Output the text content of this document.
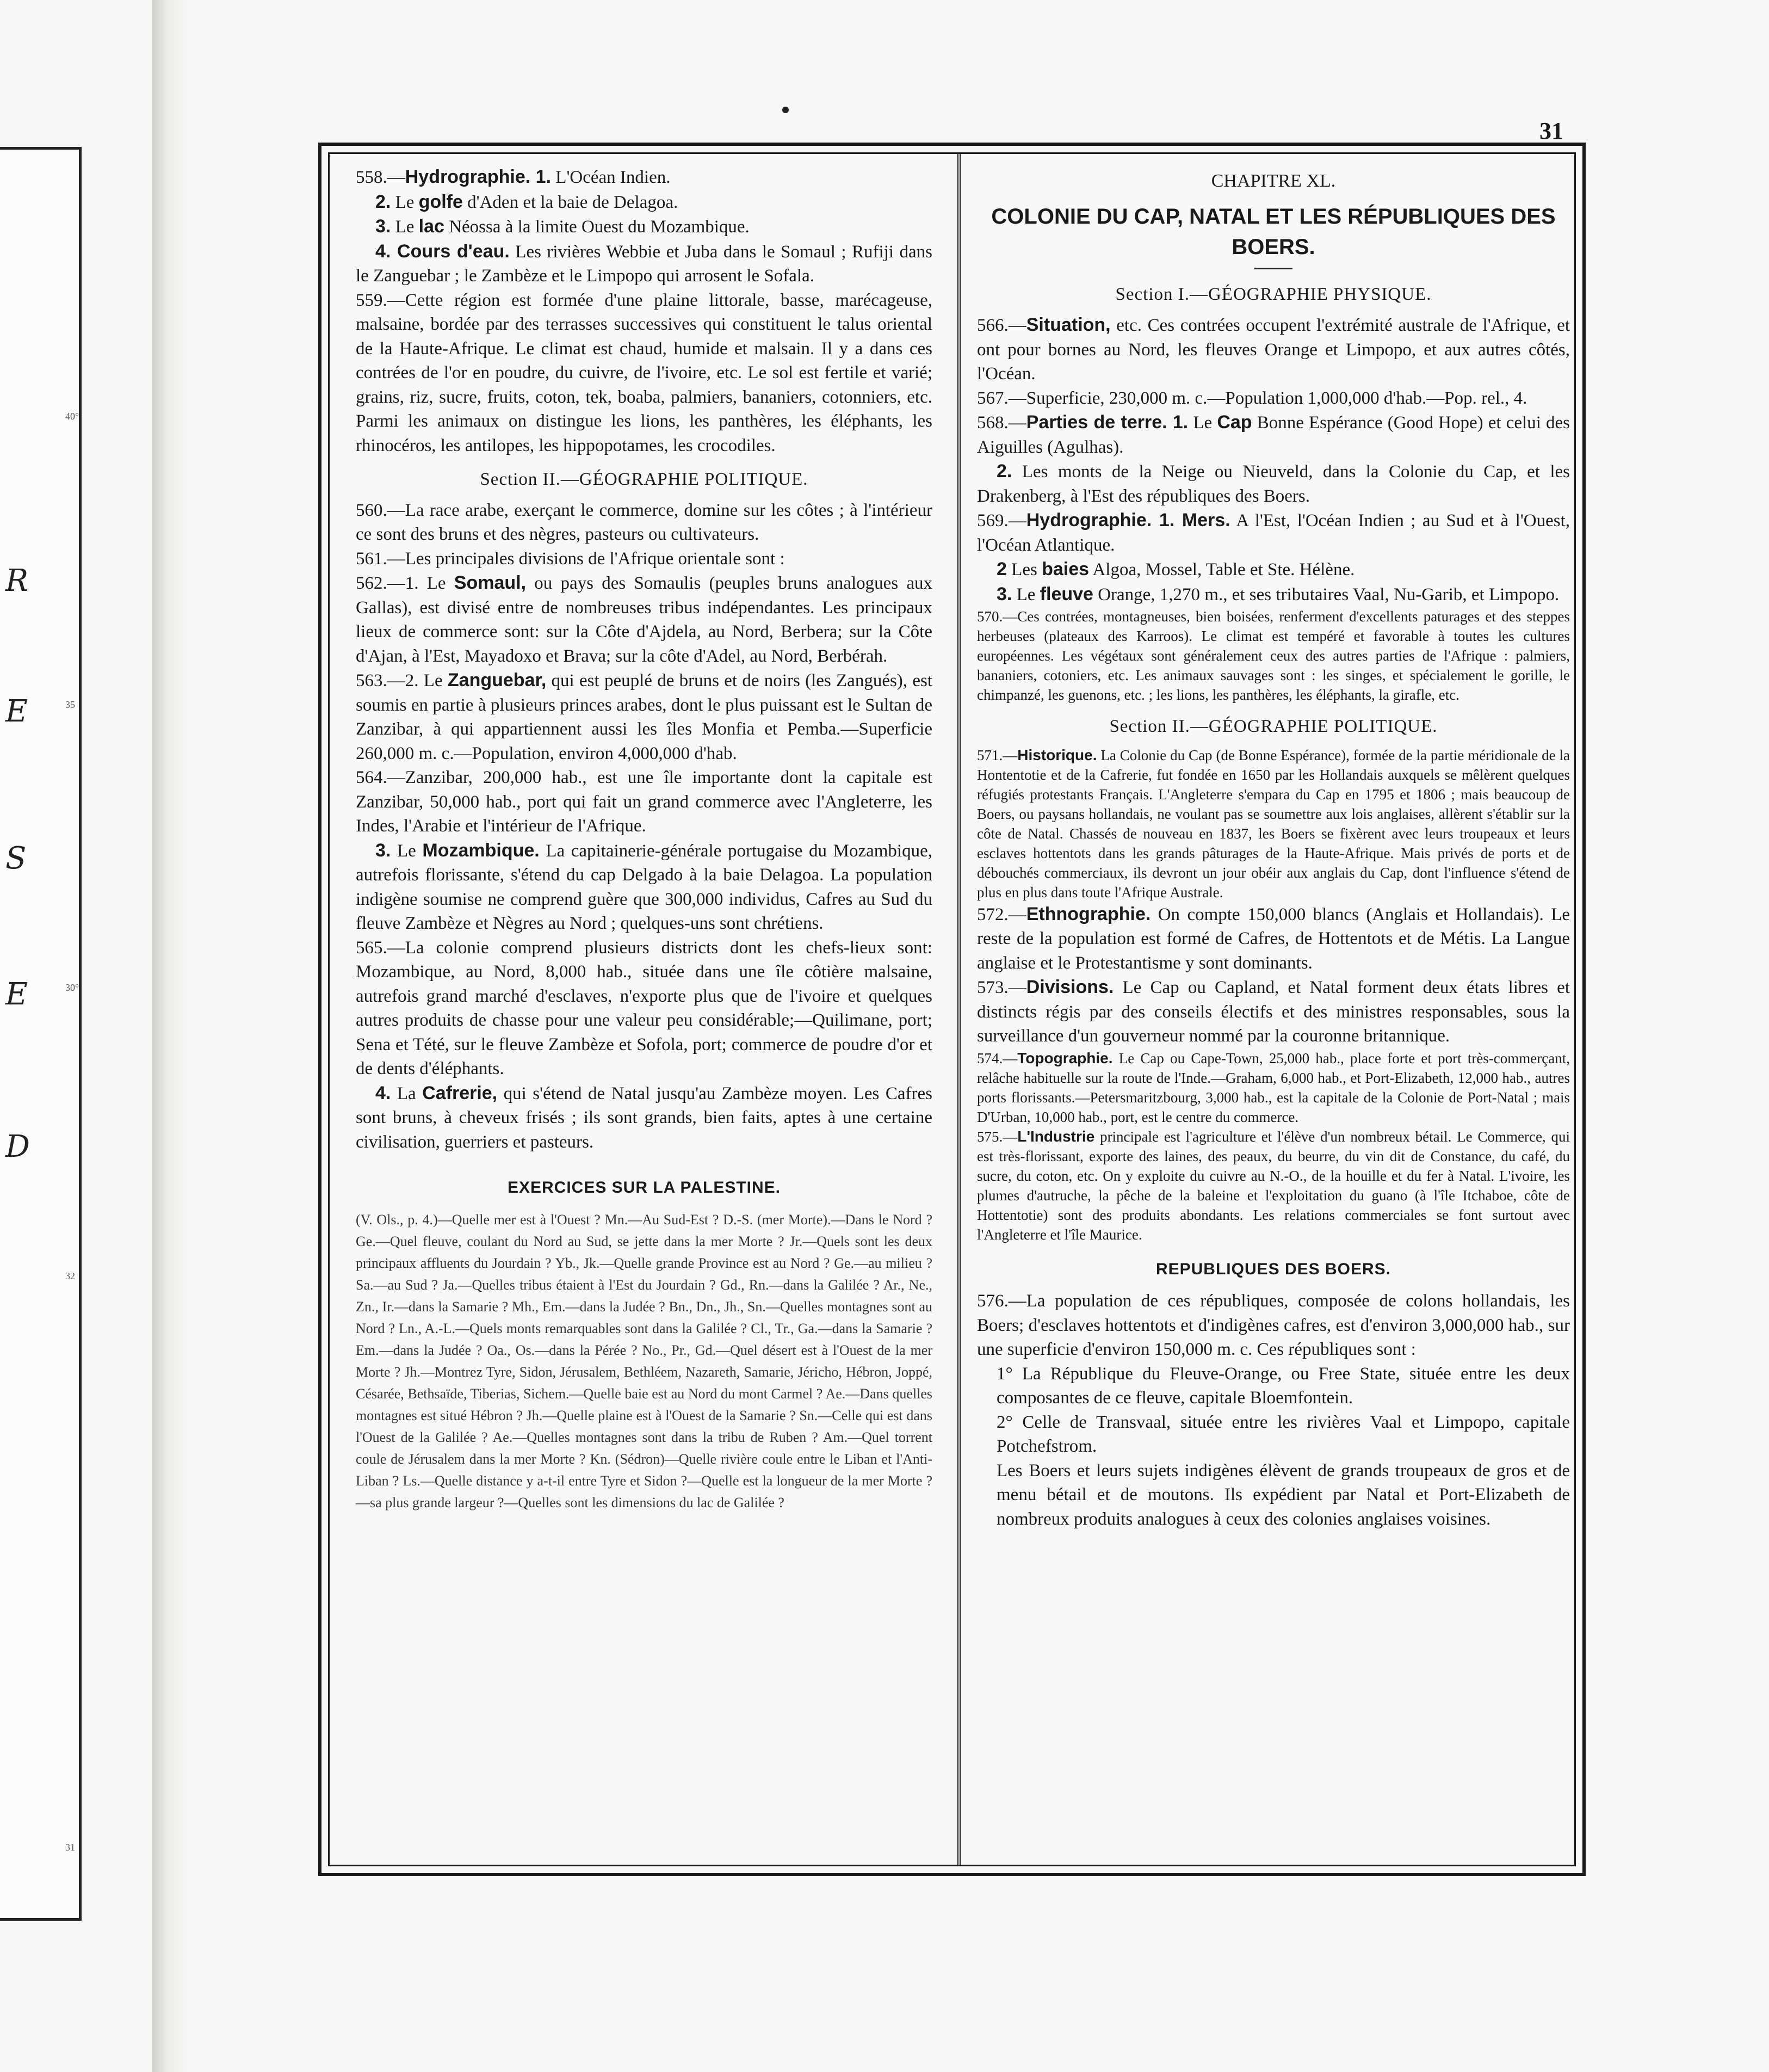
R
E
S
E
D
40°
35
30°
32
31
31

558.—Hydrographie. 1. L'Océan Indien.

2. Le golfe d'Aden et la baie de Delagoa.

3. Le lac Néossa à la limite Ouest du Mozambique.

4. Cours d'eau. Les rivières Webbie et Juba dans le Somaul ; Rufiji dans le Zanguebar ; le Zambèze et le Limpopo qui arrosent le Sofala.

559.—Cette région est formée d'une plaine littorale, basse, marécageuse, malsaine, bordée par des terrasses successives qui constituent le talus oriental de la Haute-Afrique. Le climat est chaud, humide et malsain. Il y a dans ces contrées de l'or en poudre, du cuivre, de l'ivoire, etc. Le sol est fertile et varié; grains, riz, sucre, fruits, coton, tek, boaba, palmiers, bananiers, cotonniers, etc. Parmi les animaux on distingue les lions, les panthères, les éléphants, les rhinocéros, les antilopes, les hippopotames, les crocodiles.

Section II.—GÉOGRAPHIE POLITIQUE.

560.—La race arabe, exerçant le commerce, domine sur les côtes ; à l'intérieur ce sont des bruns et des nègres, pasteurs ou cultivateurs.

561.—Les principales divisions de l'Afrique orientale sont :

562.—1. Le Somaul, ou pays des Somaulis (peuples bruns analogues aux Gallas), est divisé entre de nombreuses tribus indépendantes. Les principaux lieux de commerce sont: sur la Côte d'Ajdela, au Nord, Berbera; sur la Côte d'Ajan, à l'Est, Mayadoxo et Brava; sur la côte d'Adel, au Nord, Berbérah.

563.—2. Le Zanguebar, qui est peuplé de bruns et de noirs (les Zangués), est soumis en partie à plusieurs princes arabes, dont le plus puissant est le Sultan de Zanzibar, à qui appartiennent aussi les îles Monfia et Pemba.—Superficie 260,000 m. c.—Population, environ 4,000,000 d'hab.

564.—Zanzibar, 200,000 hab., est une île importante dont la capitale est Zanzibar, 50,000 hab., port qui fait un grand commerce avec l'Angleterre, les Indes, l'Arabie et l'intérieur de l'Afrique.

3. Le Mozambique. La capitainerie-générale portugaise du Mozambique, autrefois florissante, s'étend du cap Delgado à la baie Delagoa. La population indigène soumise ne comprend guère que 300,000 individus, Cafres au Sud du fleuve Zambèze et Nègres au Nord ; quelques-uns sont chrétiens.

565.—La colonie comprend plusieurs districts dont les chefs-lieux sont: Mozambique, au Nord, 8,000 hab., située dans une île côtière malsaine, autrefois grand marché d'esclaves, n'exporte plus que de l'ivoire et quelques autres produits de chasse pour une valeur peu considérable;—Quilimane, port; Sena et Tété, sur le fleuve Zambèze et Sofola, port; commerce de poudre d'or et de dents d'éléphants.

4. La Cafrerie, qui s'étend de Natal jusqu'au Zambèze moyen. Les Cafres sont bruns, à cheveux frisés ; ils sont grands, bien faits, aptes à une certaine civilisation, guerriers et pasteurs.

EXERCICES SUR LA PALESTINE.

(V. Ols., p. 4.)—Quelle mer est à l'Ouest ? Mn.—Au Sud-Est ? D.-S. (mer Morte).—Dans le Nord ? Ge.—Quel fleuve, coulant du Nord au Sud, se jette dans la mer Morte ? Jr.—Quels sont les deux principaux affluents du Jourdain ? Yb., Jk.—Quelle grande Province est au Nord ? Ge.—au milieu ? Sa.—au Sud ? Ja.—Quelles tribus étaient à l'Est du Jourdain ? Gd., Rn.—dans la Galilée ? Ar., Ne., Zn., Ir.—dans la Samarie ? Mh., Em.—dans la Judée ? Bn., Dn., Jh., Sn.—Quelles montagnes sont au Nord ? Ln., A.-L.—Quels monts remarquables sont dans la Galilée ? Cl., Tr., Ga.—dans la Samarie ? Em.—dans la Judée ? Oa., Os.—dans la Pérée ? No., Pr., Gd.—Quel désert est à l'Ouest de la mer Morte ? Jh.—Montrez Tyre, Sidon, Jérusalem, Bethléem, Nazareth, Samarie, Jéricho, Hébron, Joppé, Césarée, Bethsaïde, Tiberias, Sichem.—Quelle baie est au Nord du mont Carmel ? Ae.—Dans quelles montagnes est situé Hébron ? Jh.—Quelle plaine est à l'Ouest de la Samarie ? Sn.—Celle qui est dans l'Ouest de la Galilée ? Ae.—Quelles montagnes sont dans la tribu de Ruben ? Am.—Quel torrent coule de Jérusalem dans la mer Morte ? Kn. (Sédron)—Quelle rivière coule entre le Liban et l'Anti-Liban ? Ls.—Quelle distance y a-t-il entre Tyre et Sidon ?—Quelle est la longueur de la mer Morte ?—sa plus grande largeur ?—Quelles sont les dimensions du lac de Galilée ?

CHAPITRE XL.

COLONIE DU CAP, NATAL ET LES RÉPUBLIQUES DES BOERS.

Section I.—GÉOGRAPHIE PHYSIQUE.

566.—Situation, etc. Ces contrées occupent l'extrémité australe de l'Afrique, et ont pour bornes au Nord, les fleuves Orange et Limpopo, et aux autres côtés, l'Océan.

567.—Superficie, 230,000 m. c.—Population 1,000,000 d'hab.—Pop. rel., 4.

568.—Parties de terre. 1. Le Cap Bonne Espérance (Good Hope) et celui des Aiguilles (Agulhas).

2. Les monts de la Neige ou Nieuveld, dans la Colonie du Cap, et les Drakenberg, à l'Est des républiques des Boers.

569.—Hydrographie. 1. Mers. A l'Est, l'Océan Indien ; au Sud et à l'Ouest, l'Océan Atlantique.

2 Les baies Algoa, Mossel, Table et Ste. Hélène.

3. Le fleuve Orange, 1,270 m., et ses tributaires Vaal, Nu-Garib, et Limpopo.

570.—Ces contrées, montagneuses, bien boisées, renferment d'excellents paturages et des steppes herbeuses (plateaux des Karroos). Le climat est tempéré et favorable à toutes les cultures européennes. Les végétaux sont généralement ceux des autres parties de l'Afrique : palmiers, bananiers, cotoniers, etc. Les animaux sauvages sont : les singes, et spécialement le gorille, le chimpanzé, les guenons, etc. ; les lions, les panthères, les éléphants, la girafle, etc.

Section II.—GÉOGRAPHIE POLITIQUE.

571.—Historique. La Colonie du Cap (de Bonne Espérance), formée de la partie méridionale de la Hontentotie et de la Cafrerie, fut fondée en 1650 par les Hollandais auxquels se mêlèrent quelques réfugiés protestants Français. L'Angleterre s'empara du Cap en 1795 et 1806 ; mais beaucoup de Boers, ou paysans hollandais, ne voulant pas se soumettre aux lois anglaises, allèrent s'établir sur la côte de Natal. Chassés de nouveau en 1837, les Boers se fixèrent avec leurs troupeaux et leurs esclaves hottentots dans les grands pâturages de la Haute-Afrique. Mais privés de ports et de débouchés commerciaux, ils devront un jour obéir aux anglais du Cap, dont l'influence s'étend de plus en plus dans toute l'Afrique Australe.

572.—Ethnographie. On compte 150,000 blancs (Anglais et Hollandais). Le reste de la population est formé de Cafres, de Hottentots et de Métis. La Langue anglaise et le Protestantisme y sont dominants.

573.—Divisions. Le Cap ou Capland, et Natal forment deux états libres et distincts régis par des conseils électifs et des ministres responsables, sous la surveillance d'un gouverneur nommé par la couronne britannique.

574.—Topographie. Le Cap ou Cape-Town, 25,000 hab., place forte et port très-commerçant, relâche habituelle sur la route de l'Inde.—Graham, 6,000 hab., et Port-Elizabeth, 12,000 hab., autres ports florissants.—Petersmaritzbourg, 3,000 hab., est la capitale de la Colonie de Port-Natal ; mais D'Urban, 10,000 hab., port, est le centre du commerce.

575.—L'Industrie principale est l'agriculture et l'élève d'un nombreux bétail. Le Commerce, qui est très-florissant, exporte des laines, des peaux, du beurre, du vin dit de Constance, du café, du sucre, du coton, etc. On y exploite du cuivre au N.-O., de la houille et du fer à Natal. L'ivoire, les plumes d'autruche, la pêche de la baleine et l'exploitation du guano (à l'île Itchaboe, côte de Hottentotie) sont des produits abondants. Les relations commerciales se font surtout avec l'Angleterre et l'île Maurice.

REPUBLIQUES DES BOERS.

576.—La population de ces républiques, composée de colons hollandais, les Boers; d'esclaves hottentots et d'indigènes cafres, est d'environ 3,000,000 hab., sur une superficie d'environ 150,000 m. c. Ces républiques sont :

1° La République du Fleuve-Orange, ou Free State, située entre les deux composantes de ce fleuve, capitale Bloemfontein.

2° Celle de Transvaal, située entre les rivières Vaal et Limpopo, capitale Potchefstrom.

Les Boers et leurs sujets indigènes élèvent de grands troupeaux de gros et de menu bétail et de moutons. Ils expédient par Natal et Port-Elizabeth de nombreux produits analogues à ceux des colonies anglaises voisines.
